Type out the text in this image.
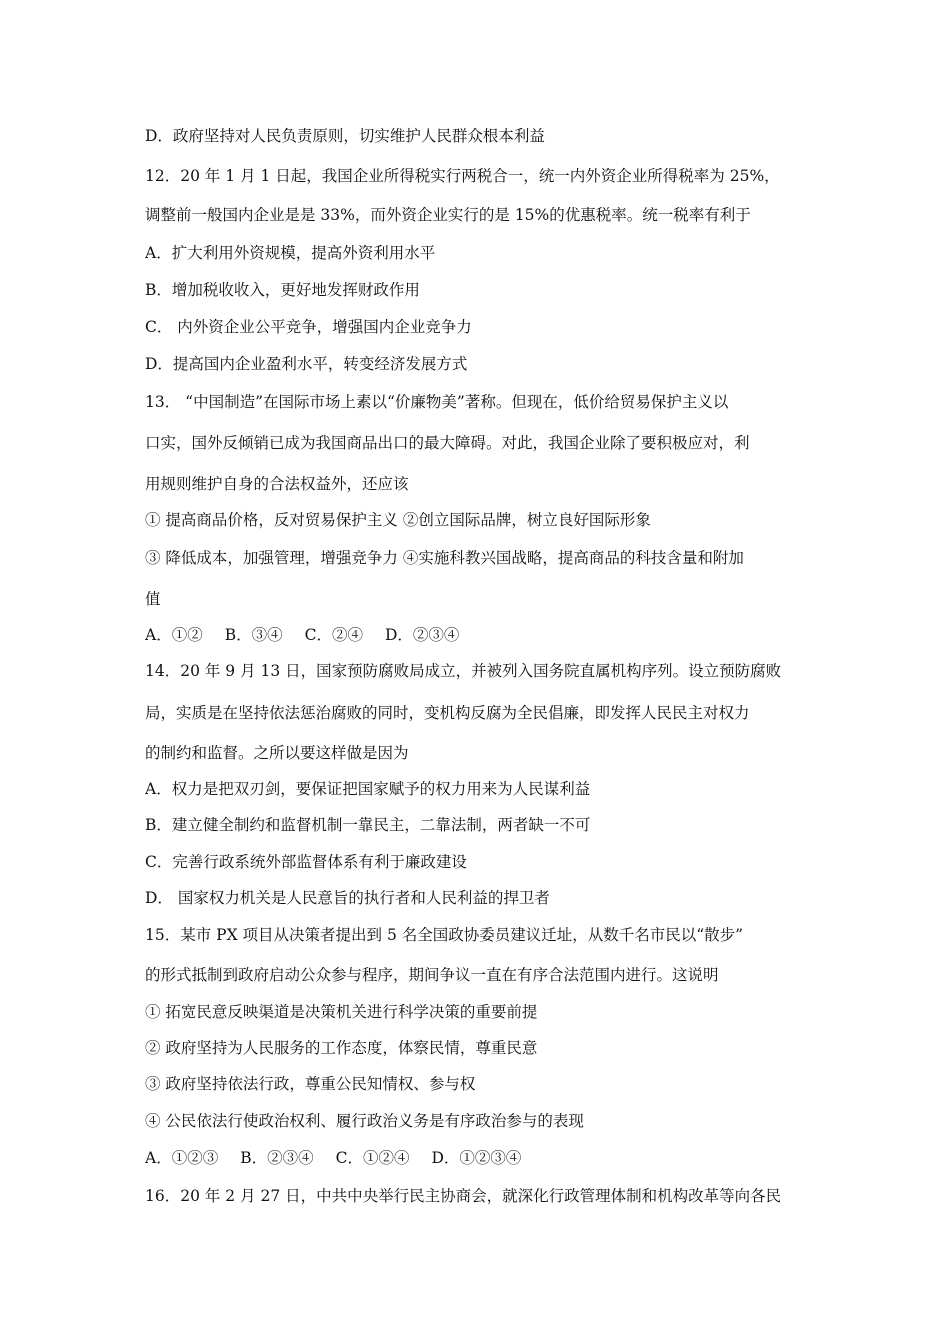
D．政府坚持对人民负责原则，切实维护人民群众根本利益
12．20 年 1 月 1 日起，我国企业所得税实行两税合一，统一内外资企业所得税率为 25%，
调整前一般国内企业是是 33%，而外资企业实行的是 15%的优惠税率。统一税率有利于
A．扩大利用外资规模，提高外资利用水平
B．增加税收收入，更好地发挥财政作用
C． 内外资企业公平竞争，增强国内企业竞争力
D．提高国内企业盈利水平，转变经济发展方式
13． “中国制造”在国际市场上素以“价廉物美”著称。但现在，低价给贸易保护主义以
口实，国外反倾销已成为我国商品出口的最大障碍。对此，我国企业除了要积极应对，利
用规则维护自身的合法权益外，还应该
① 提高商品价格，反对贸易保护主义 ②创立国际品牌，树立良好国际形象
③ 降低成本，加强管理，增强竞争力 ④实施科教兴国战略，提高商品的科技含量和附加
值
A．①② B．③④ C．②④ D．②③④
14．20 年 9 月 13 日，国家预防腐败局成立，并被列入国务院直属机构序列。设立预防腐败
局，实质是在坚持依法惩治腐败的同时，变机构反腐为全民倡廉，即发挥人民民主对权力
的制约和监督。之所以要这样做是因为
A．权力是把双刃剑，要保证把国家赋予的权力用来为人民谋利益
B．建立健全制约和监督机制一靠民主，二靠法制，两者缺一不可
C．完善行政系统外部监督体系有利于廉政建设
D． 国家权力机关是人民意旨的执行者和人民利益的捍卫者
15．某市 PX 项目从决策者提出到 5 名全国政协委员建议迁址，从数千名市民以“散步”
的形式抵制到政府启动公众参与程序，期间争议一直在有序合法范围内进行。这说明
① 拓宽民意反映渠道是决策机关进行科学决策的重要前提
② 政府坚持为人民服务的工作态度，体察民情，尊重民意
③ 政府坚持依法行政，尊重公民知情权、参与权
④ 公民依法行使政治权利、履行政治义务是有序政治参与的表现
A．①②③ B．②③④ C．①②④ D．①②③④
16．20 年 2 月 27 日，中共中央举行民主协商会，就深化行政管理体制和机构改革等向各民
